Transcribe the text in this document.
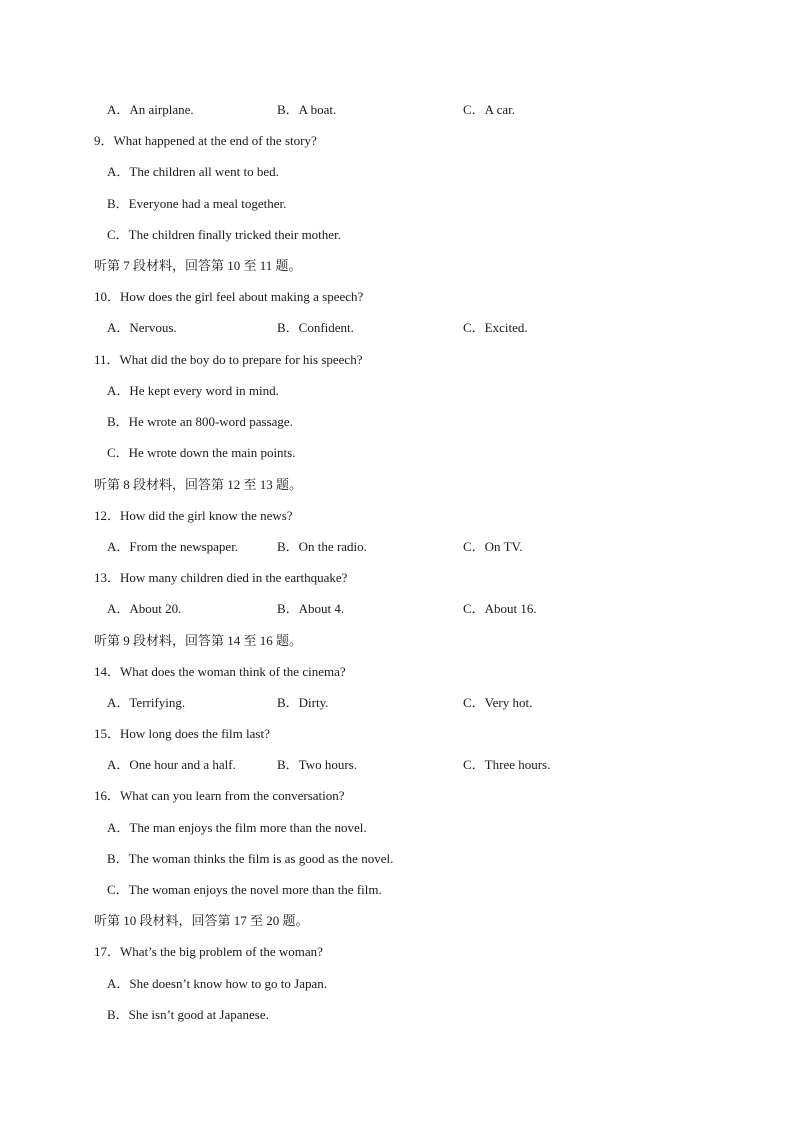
A．An airplane.	B．A boat.	C．A car.
9．What happened at the end of the story?
A．The children all went to bed.
B．Everyone had a meal together.
C．The children finally tricked their mother.
听第 7 段材料，回答第 10 至 11 题。
10．How does the girl feel about making a speech?
A．Nervous.	B．Confident.	C．Excited.
11．What did the boy do to prepare for his speech?
A．He kept every word in mind.
B．He wrote an 800-word passage.
C．He wrote down the main points.
听第 8 段材料，回答第 12 至 13 题。
12．How did the girl know the news?
A．From the newspaper.	B．On the radio.	C．On TV.
13．How many children died in the earthquake?
A．About 20.	B．About 4.	C．About 16.
听第 9 段材料，回答第 14 至 16 题。
14．What does the woman think of the cinema?
A．Terrifying.	B．Dirty.	C．Very hot.
15．How long does the film last?
A．One hour and a half.	B．Two hours.	C．Three hours.
16．What can you learn from the conversation?
A．The man enjoys the film more than the novel.
B．The woman thinks the film is as good as the novel.
C．The woman enjoys the novel more than the film.
听第 10 段材料，回答第 17 至 20 题。
17．What’s the big problem of the woman?
A．She doesn’t know how to go to Japan.
B．She isn’t good at Japanese.
